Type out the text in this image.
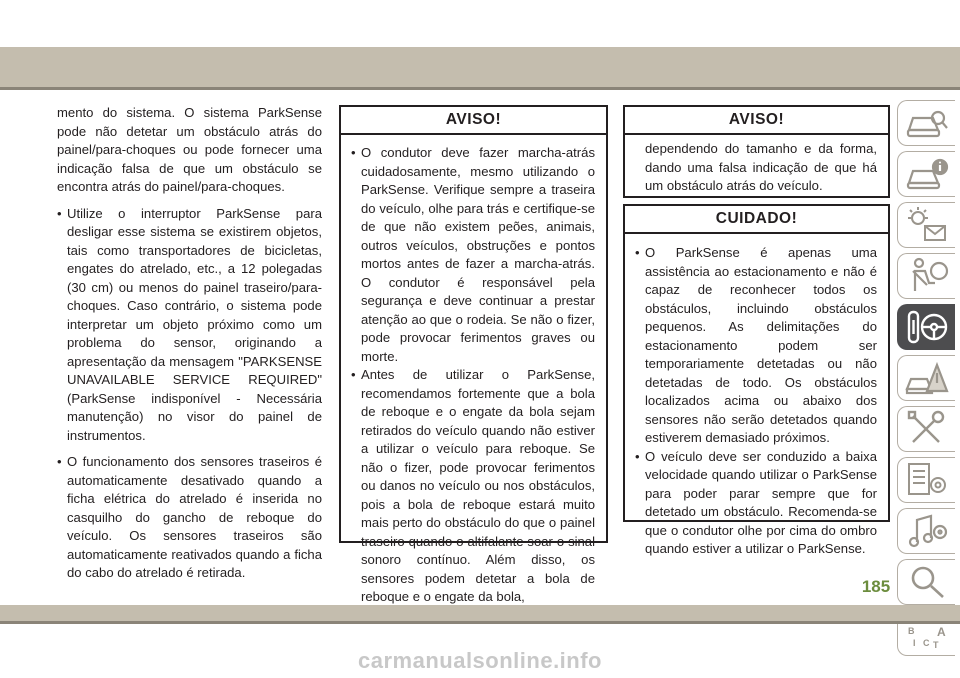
mento do sistema. O sistema ParkSense pode não detetar um obstáculo atrás do painel/para-choques ou pode fornecer uma indicação falsa de que um obstáculo se encontra atrás do painel/para-choques.

• Utilize o interruptor ParkSense para desligar esse sistema se existirem objetos, tais como transportadores de bicicletas, engates do atrelado, etc., a 12 polegadas (30 cm) ou menos do painel traseiro/para-choques. Caso contrário, o sistema pode interpretar um objeto próximo como um problema do sensor, originando a apresentação da mensagem "PARKSENSE UNAVAILABLE SERVICE REQUIRED" (ParkSense indisponível - Necessária manutenção) no visor do painel de instrumentos.

• O funcionamento dos sensores traseiros é automaticamente desativado quando a ficha elétrica do atrelado é inserida no casquilho do gancho de reboque do veículo. Os sensores traseiros são automaticamente reativados quando a ficha do cabo do atrelado é retirada.

AVISO!
• O condutor deve fazer marcha-atrás cuidadosamente, mesmo utilizando o ParkSense. Verifique sempre a traseira do veículo, olhe para trás e certifique-se de que não existem peões, animais, outros veículos, obstruções e pontos mortos antes de fazer a marcha-atrás. O condutor é responsável pela segurança e deve continuar a prestar atenção ao que o rodeia. Se não o fizer, pode provocar ferimentos graves ou morte.
• Antes de utilizar o ParkSense, recomendamos fortemente que a bola de reboque e o engate da bola sejam retirados do veículo quando não estiver a utilizar o veículo para reboque. Se não o fizer, pode provocar ferimentos ou danos no veículo ou nos obstáculos, pois a bola de reboque estará muito mais perto do obstáculo do que o painel traseiro quando o altifalante soar o sinal sonoro contínuo. Além disso, os sensores podem detetar a bola de reboque e o engate da bola,
AVISO!
dependendo do tamanho e da forma, dando uma falsa indicação de que há um obstáculo atrás do veículo.
CUIDADO!
• O ParkSense é apenas uma assistência ao estacionamento e não é capaz de reconhecer todos os obstáculos, incluindo obstáculos pequenos. As delimitações do estacionamento podem ser temporariamente detetadas ou não detetadas de todo. Os obstáculos localizados acima ou abaixo dos sensores não serão detetados quando estiverem demasiado próximos.
• O veículo deve ser conduzido a baixa velocidade quando utilizar o ParkSense para poder parar sempre que for detetado um obstáculo. Recomenda-se que o condutor olhe por cima do ombro quando estiver a utilizar o ParkSense.
B A
I C T
185
carmanualsonline.info
